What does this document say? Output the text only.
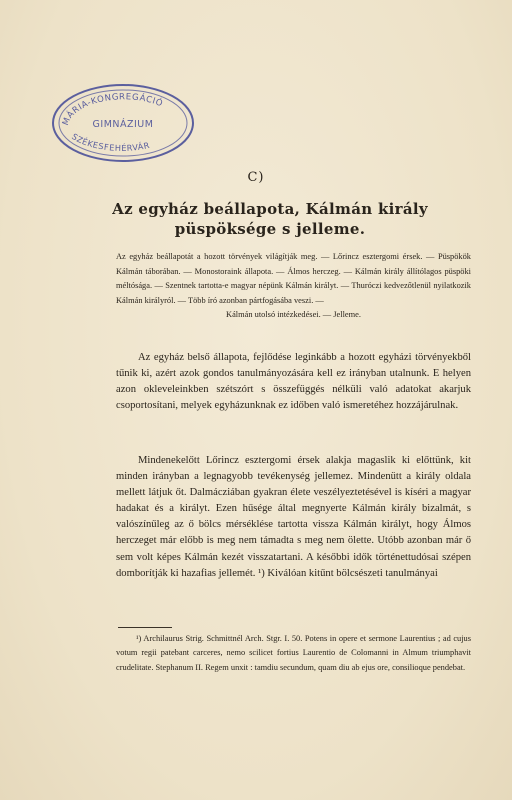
MÁRIA-KONGREGÁCIÓ
GIMNÁZIUM
SZÉKESFEHÉRVÁR
C)
Az egyház beállapota, Kálmán király püspöksége s jelleme.
Az egyház beállapotát a hozott törvények világítják meg. — Lőrincz esztergomi érsek. — Püspökök Kálmán táborában. — Monostoraink állapota. — Álmos herczeg. — Kálmán király állítólagos püspöki méltósága. — Szentnek tartotta-e magyar népünk Kálmán királyt. — Thuróczi kedvezőtlenül nyilatkozik Kálmán királyról. — Több író azonban pártfogásába veszi. —
Kálmán utolsó intézkedései. — Jelleme.
Az egyház belső állapota, fejlődése leginkább a hozott egyházi törvényekből tűnik ki, azért azok gondos tanulmányozására kell ez irányban utalnunk. E helyen azon okleveleinkben szétszórt s összefüggés nélküli való adatokat akarjuk csoportosítani, melyek egyházunknak ez időben való ismeretéhez hozzájárulnak.
Mindenekelőtt Lőrincz esztergomi érsek alakja magaslik ki előttünk, kit minden irányban a legnagyobb tevékenység jellemez. Mindenütt a király oldala mellett látjuk őt. Dalmácziában gyakran élete veszélyeztetésével is kíséri a magyar hadakat és a királyt. Ezen hűsége által megnyerte Kálmán király bizalmát, s valószínűleg az ő bölcs mérséklése tartotta vissza Kálmán királyt, hogy Álmos herczeget már előbb is meg nem támadta s meg nem ölette. Utóbb azonban már ő sem volt képes Kálmán kezét visszatartani. A későbbi idők történettudósai szépen domborítják ki hazafias jellemét. ¹) Kiválóan kitűnt bölcsészeti tanulmányai
¹) Archilaurus Strig. Schmittnél Arch. Stgr. I. 50. Potens in opere et sermone Laurentius ; ad cujus votum regii patebant carceres, nemo scilicet fortius Laurentio de Colomanni in Almum triumphavit crudelitate. Stephanum II. Regem unxit : tamdiu secundum, quam diu ab ejus ore, consilioque pendebat.
